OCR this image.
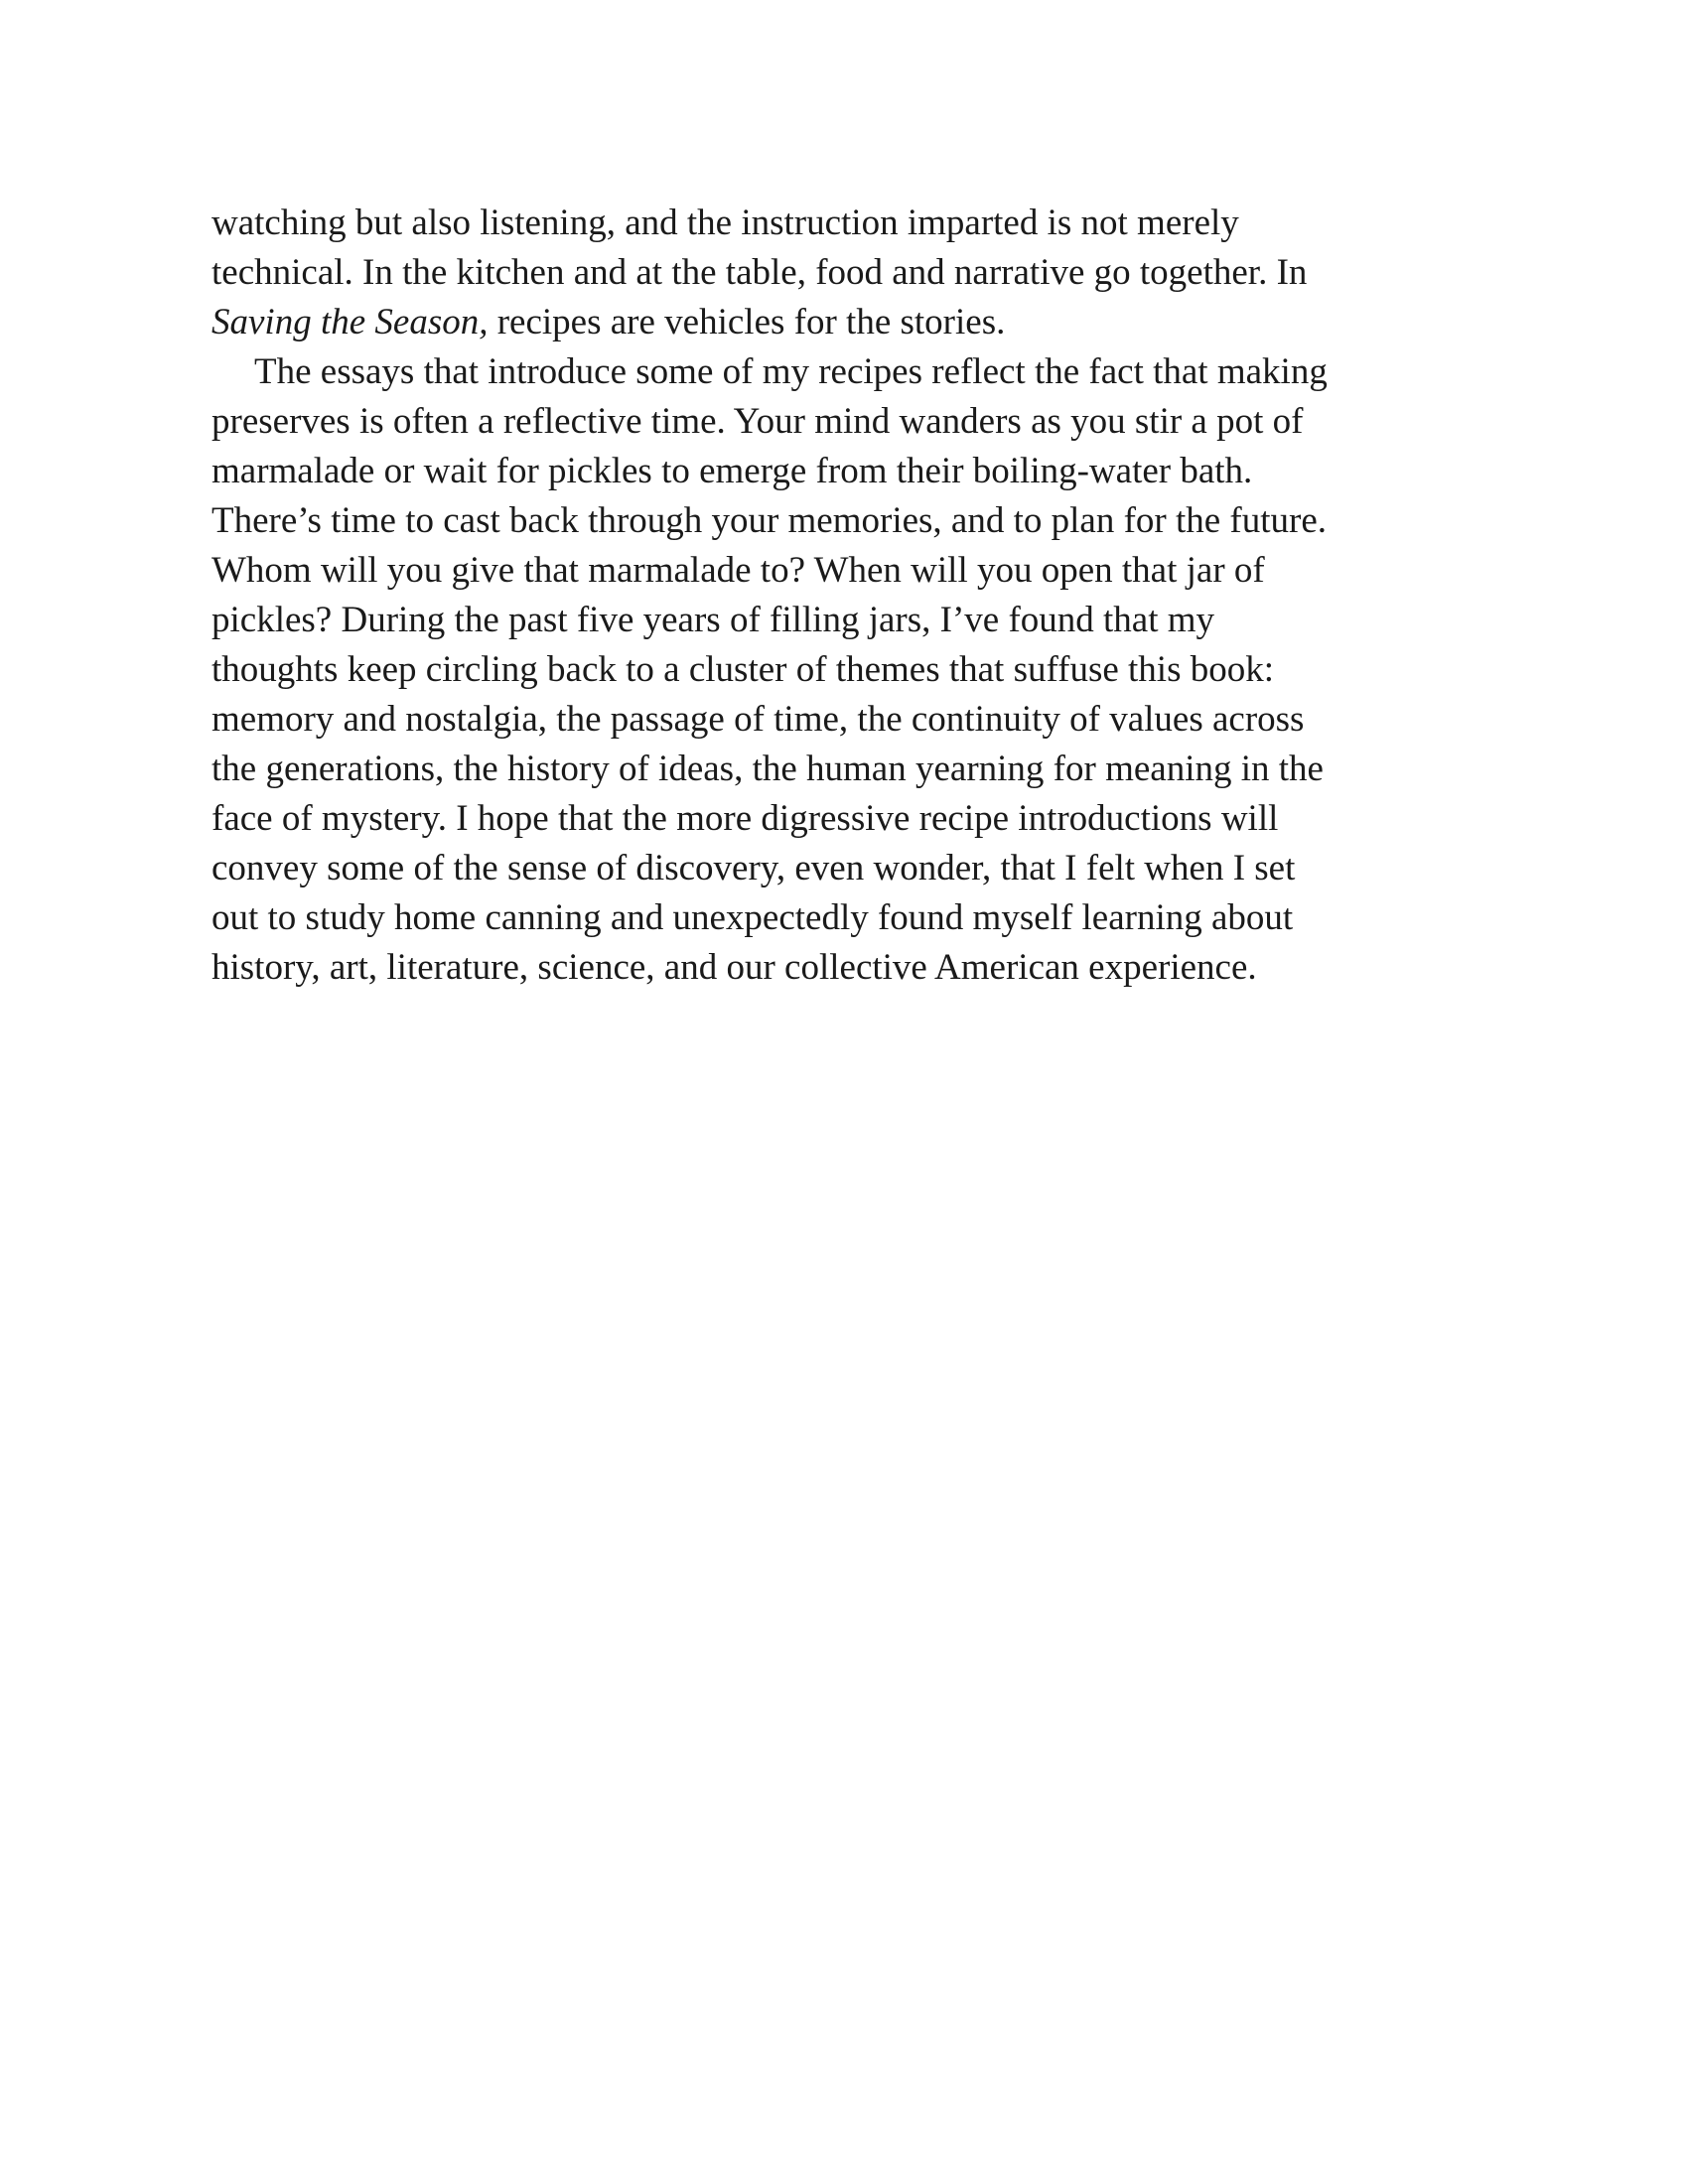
watching but also listening, and the instruction imparted is not merely
technical. In the kitchen and at the table, food and narrative go together. In
Saving the Season, recipes are vehicles for the stories.
The essays that introduce some of my recipes reflect the fact that making
preserves is often a reflective time. Your mind wanders as you stir a pot of
marmalade or wait for pickles to emerge from their boiling-water bath.
There’s time to cast back through your memories, and to plan for the future.
Whom will you give that marmalade to? When will you open that jar of
pickles? During the past five years of filling jars, I’ve found that my
thoughts keep circling back to a cluster of themes that suffuse this book:
memory and nostalgia, the passage of time, the continuity of values across
the generations, the history of ideas, the human yearning for meaning in the
face of mystery. I hope that the more digressive recipe introductions will
convey some of the sense of discovery, even wonder, that I felt when I set
out to study home canning and unexpectedly found myself learning about
history, art, literature, science, and our collective American experience.
